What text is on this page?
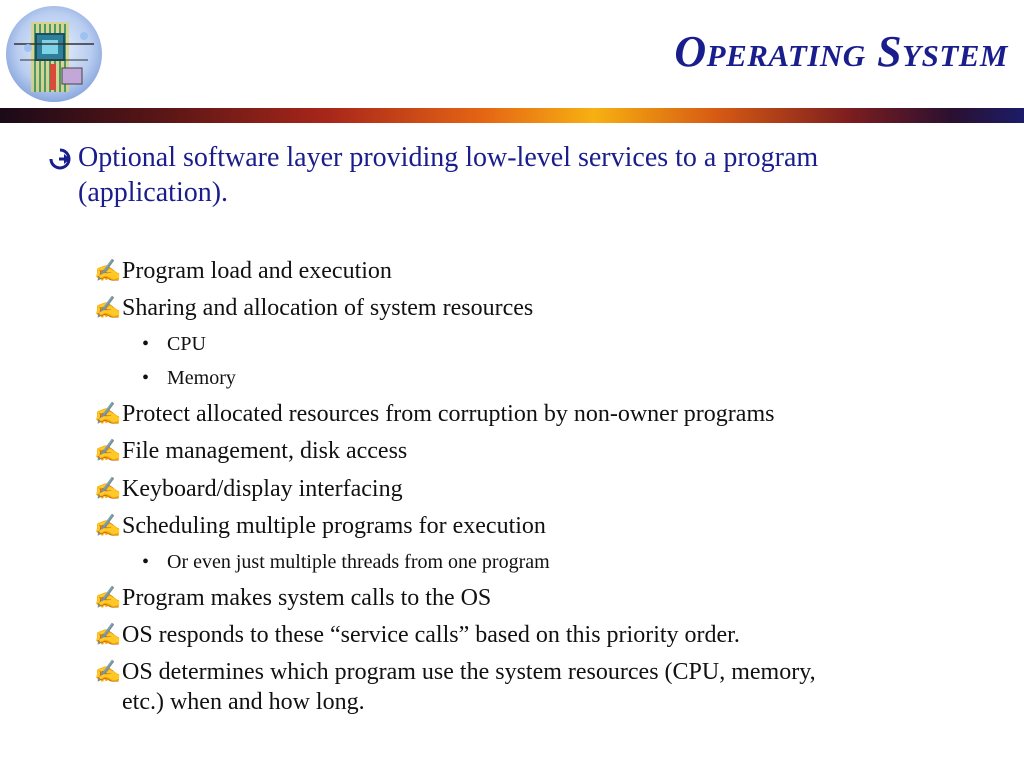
Operating System
Optional software layer providing low-level services to a program (application).
✍ Program load and execution
✍ Sharing and allocation of system resources
• CPU
• Memory
✍ Protect allocated resources from corruption by non-owner programs
✍ File management, disk access
✍ Keyboard/display interfacing
✍ Scheduling multiple programs for execution
• Or even just multiple threads from one program
✍ Program makes system calls to the OS
✍ OS responds to these “service calls” based on this priority order.
✍ OS determines which program use the system resources (CPU, memory, etc.) when and how long.
